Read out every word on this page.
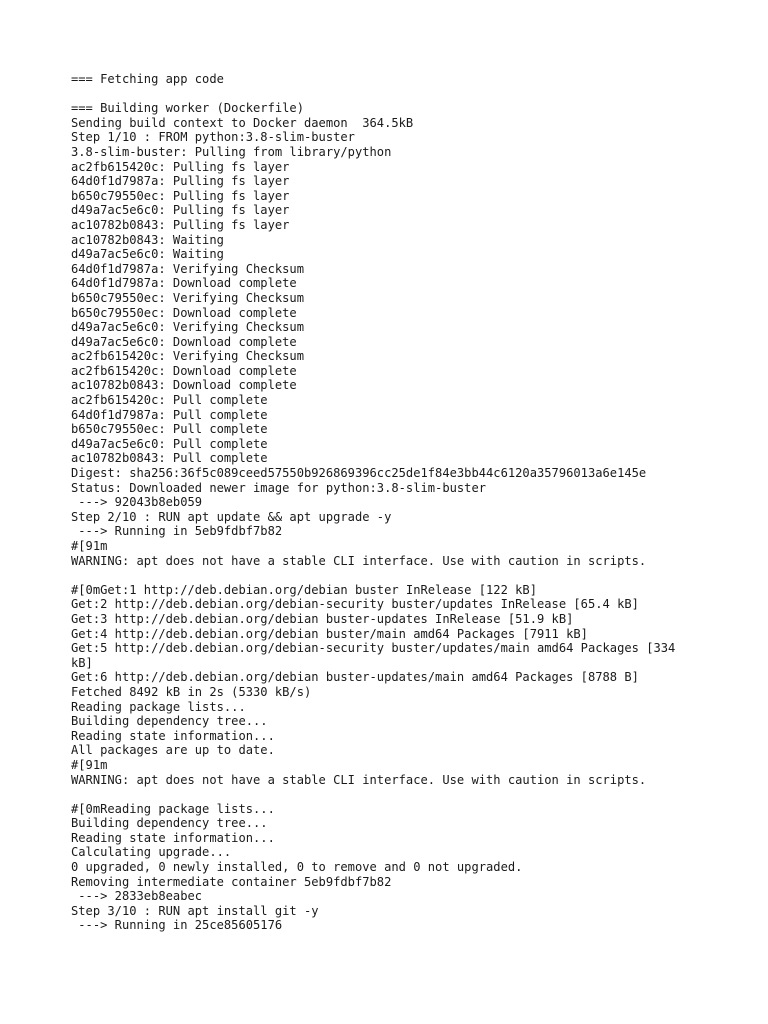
=== Fetching app code
=== Building worker (Dockerfile)
Sending build context to Docker daemon  364.5kB
Step 1/10 : FROM python:3.8-slim-buster
3.8-slim-buster: Pulling from library/python
ac2fb615420c: Pulling fs layer
64d0f1d7987a: Pulling fs layer
b650c79550ec: Pulling fs layer
d49a7ac5e6c0: Pulling fs layer
ac10782b0843: Pulling fs layer
ac10782b0843: Waiting
d49a7ac5e6c0: Waiting
64d0f1d7987a: Verifying Checksum
64d0f1d7987a: Download complete
b650c79550ec: Verifying Checksum
b650c79550ec: Download complete
d49a7ac5e6c0: Verifying Checksum
d49a7ac5e6c0: Download complete
ac2fb615420c: Verifying Checksum
ac2fb615420c: Download complete
ac10782b0843: Download complete
ac2fb615420c: Pull complete
64d0f1d7987a: Pull complete
b650c79550ec: Pull complete
d49a7ac5e6c0: Pull complete
ac10782b0843: Pull complete
Digest: sha256:36f5c089ceed57550b926869396cc25de1f84e3bb44c6120a35796013a6e145e
Status: Downloaded newer image for python:3.8-slim-buster
---> 92043b8eb059
Step 2/10 : RUN apt update && apt upgrade -y
---> Running in 5eb9fdbf7b82
#[91m
WARNING: apt does not have a stable CLI interface. Use with caution in scripts.
#[0mGet:1 http://deb.debian.org/debian buster InRelease [122 kB]
Get:2 http://deb.debian.org/debian-security buster/updates InRelease [65.4 kB]
Get:3 http://deb.debian.org/debian buster-updates InRelease [51.9 kB]
Get:4 http://deb.debian.org/debian buster/main amd64 Packages [7911 kB]
Get:5 http://deb.debian.org/debian-security buster/updates/main amd64 Packages [334
kB]
Get:6 http://deb.debian.org/debian buster-updates/main amd64 Packages [8788 B]
Fetched 8492 kB in 2s (5330 kB/s)
Reading package lists...
Building dependency tree...
Reading state information...
All packages are up to date.
#[91m
WARNING: apt does not have a stable CLI interface. Use with caution in scripts.
#[0mReading package lists...
Building dependency tree...
Reading state information...
Calculating upgrade...
0 upgraded, 0 newly installed, 0 to remove and 0 not upgraded.
Removing intermediate container 5eb9fdbf7b82
---> 2833eb8eabec
Step 3/10 : RUN apt install git -y
---> Running in 25ce85605176
